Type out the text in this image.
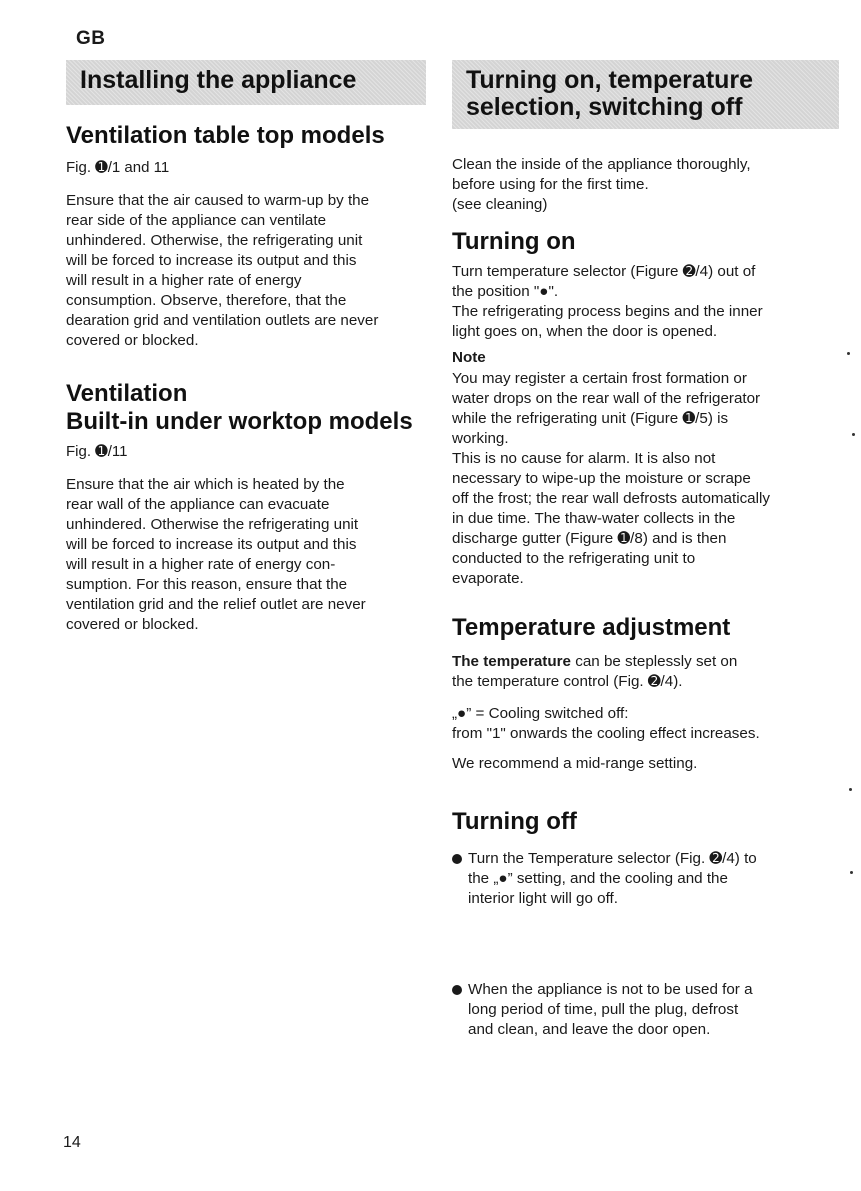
GB
Installing the appliance
Ventilation table top models
Fig. ➊/1 and 11

Ensure that the air caused to warm-up by the

rear side of the appliance can ventilate

unhindered. Otherwise, the refrigerating unit

will be forced to increase its output and this

will result in a higher rate of energy

consumption. Observe, therefore, that the

dearation grid and ventilation outlets are never

covered or blocked.

Ventilation
Built-in under worktop models
Fig. ➊/11

Ensure that the air which is heated by the

rear wall of the appliance can evacuate

unhindered. Otherwise the refrigerating unit

will be forced to increase its output and this

will result in a higher rate of energy con-

sumption. For this reason, ensure that the

ventilation grid and the relief outlet are never

covered or blocked.

Turning on, temperature
selection, switching off

Clean the inside of the appliance thoroughly,

before using for the first time.

(see cleaning)

Turning on

Turn temperature selector (Figure ➋/4) out of

the position "●".

The refrigerating process begins and the inner

light goes on, when the door is opened.

Note

You may register a certain frost formation or

water drops on the rear wall of the refrigerator

while the refrigerating unit (Figure ➊/5) is

working.

This is no cause for alarm. It is also not

necessary to wipe-up the moisture or scrape

off the frost; the rear wall defrosts automatically

in due time. The thaw-water collects in the

discharge gutter (Figure ➊/8) and is then

conducted to the refrigerating unit to

evaporate.

Temperature adjustment

The temperature can be steplessly set on

the temperature control (Fig. ➋/4).

„●” = Cooling switched off:

from "1" onwards the cooling effect increases.

We recommend a mid-range setting.
Turning off

Turn the Temperature selector (Fig. ➋/4) to

the „●” setting, and the cooling and the

interior light will go off.

When the appliance is not to be used for a

long period of time, pull the plug, defrost

and clean, and leave the door open.

14
